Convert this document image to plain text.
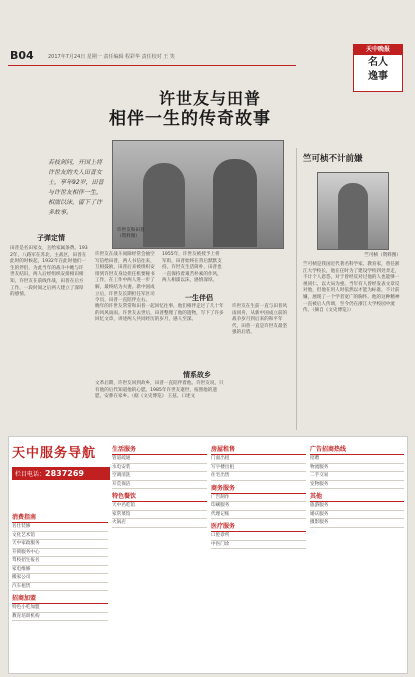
B04	2017年7月24日 星期一 责任编辑 程彩华 责任校对 王 笑
天中晚报
名人
逸事
许世友与田普
相伴一生的传奇故事
若枝剑问，开国上将许世友的夫人田普女士，享年92岁，田普与许世友相伴一生，相濡以沫，留下了许多故事。
许世友和田普（资料图）
子弹定情
田普是名田家女，且给家属条费。1932年，八路军在苏北，主战区，田普在此时的时候起，1932年在此时他们一生的伴侣，为此当年的战斗中她与许世友结识，两人后经组织安排相识相知，许世友在前线作战，田普在后方工作，一段时间之后两人建立了深厚的感情。
许世友在战斗间隙经常会抽空写信给田普，两人书信往来，互相鼓励，田普后来被组织安排到许世友身边担任机要秘书工作，在工作中两人进一步了解，最终结为夫妻。新中国成立后，许世友长期担任军区司令员，田普一直陪伴左右。	一生伴侣
晚年的许世友常常和田普一起回忆往事，他们相伴走过了几十年的风风雨雨。许世友去世后，田普整理了他的遗物，写下了许多回忆文章，讲述两人共同经历的岁月，感人至深。
情系故乡
文革后期，许世友回到故乡，田普一直陪伴着他。许世友说，只有他的后代知道他的心愿。1985年许世友逝世，按照他的遗愿，安葬在家乡。（据《文史博览》 王兹、口述文
1955年，许世友被授予上将军衔，田普始终在背后默默支持。许世友生活简朴，田普也一直保持着艰苦朴素的作风，两人相濡以沫，感情深厚。
许世友在生前一直与田普风雨同舟，从新中国成立前的战争岁月到后来的和平年代，田普一直是许世友最坚强的后盾。
竺可桢不计前嫌
竺可桢（资料图）
竺可桢是我国近代著名科学家、教育家，曾任浙江大学校长，他在任时为了建设学校四处奔走，不计个人恩怨，对于曾经反对过他的人也能够一视同仁，以大局为重。当年有人曾经发表文章反对他，但他在用人时依然以才能为标准，不计前嫌，展现了一个学者宽广的胸怀。他的这种精神一直被后人传颂，至今仍在浙江大学校园中流传。（摘自《文史博览》）
天中服务导航
栏目电话：2837269
消费指南
名仕装修
文化艺术馆
天中家政服务
开锁服务中心
驾校招生报名
家电维修
搬家公司
汽车租赁
招商加盟
特色小吃加盟
教育培训机构
生活服务
管道疏通
水电安装
空调清洗
开荒保洁
特色餐饮
天中名吃馆
家常菜馆
火锅店
房屋租售
门面出租
写字楼出租
住宅出售
商务服务
广告制作
印刷服务
代理记账
医疗服务
口腔诊所
中医门诊
广告招商热线
招聘
物流服务
二手交易
宠物服务
其他
旅游服务
婚庆服务
摄影服务
